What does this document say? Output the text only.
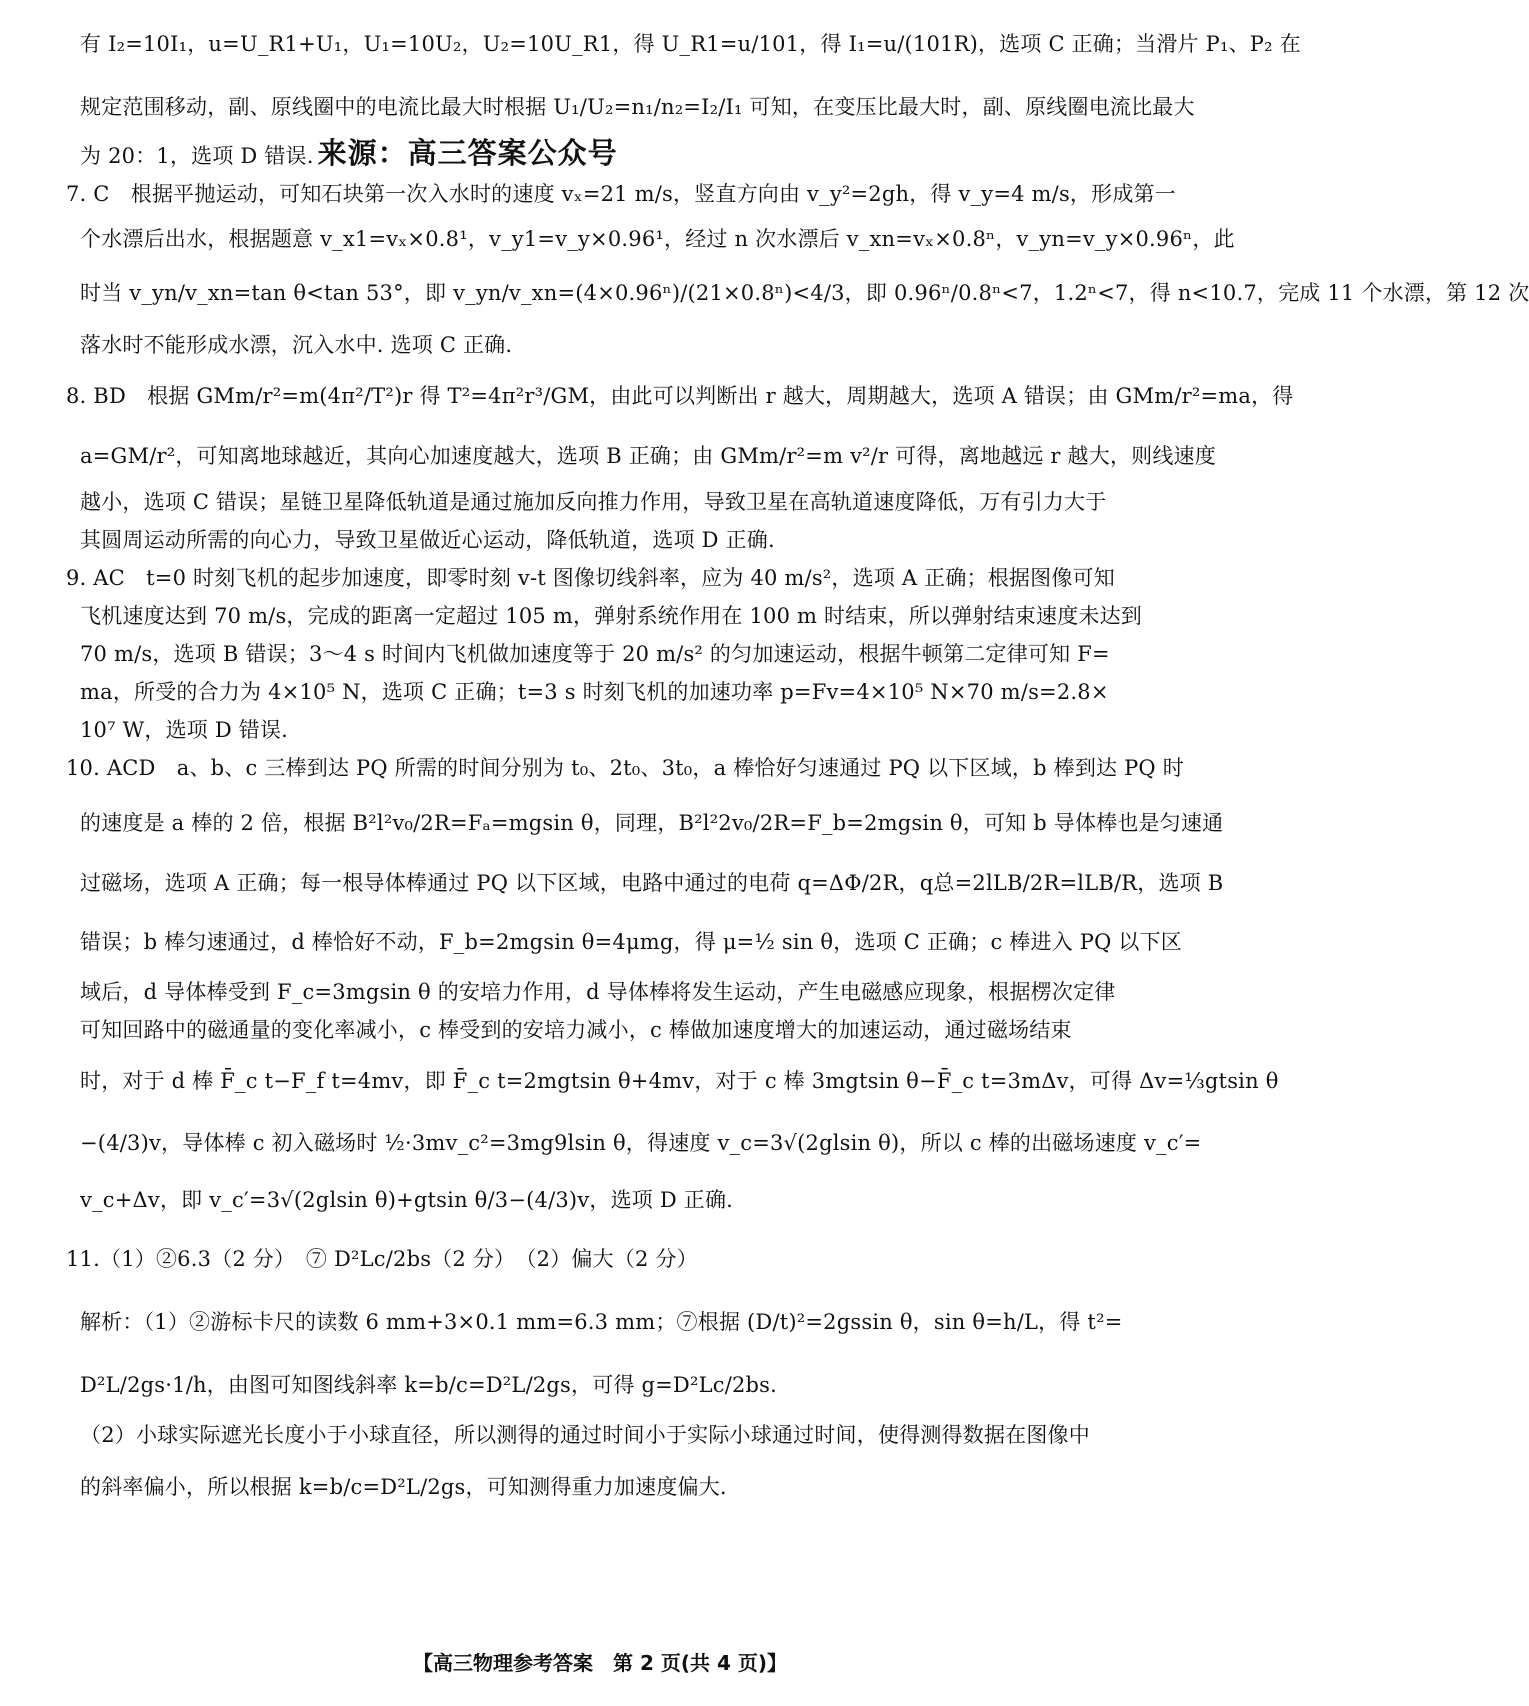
有 I₂=10I₁，u=U_R1+U₁，U₁=10U₂，U₂=10U_R1，得 U_R1=u/101，得 I₁=u/(101R)，选项 C 正确；当滑片 P₁、P₂ 在
规定范围移动，副、原线圈中的电流比最大时根据 U₁/U₂=n₁/n₂=I₂/I₁ 可知，在变压比最大时，副、原线圈电流比最大
为 20：1，选项 D 错误. 来源：高三答案公众号
7. C　根据平抛运动，可知石块第一次入水时的速度 vₓ=21 m/s，竖直方向由 v_y²=2gh，得 v_y=4 m/s，形成第一
个水漂后出水，根据题意 v_x1=vₓ×0.8¹，v_y1=v_y×0.96¹，经过 n 次水漂后 v_xn=vₓ×0.8ⁿ，v_yn=v_y×0.96ⁿ，此
时当 v_yn/v_xn=tan θ<tan 53°，即 v_yn/v_xn=(4×0.96ⁿ)/(21×0.8ⁿ)<4/3，即 0.96ⁿ/0.8ⁿ<7，1.2ⁿ<7，得 n<10.7，完成 11 个水漂，第 12 次
落水时不能形成水漂，沉入水中. 选项 C 正确.
8. BD　根据 GMm/r²=m(4π²/T²)r 得 T²=4π²r³/GM，由此可以判断出 r 越大，周期越大，选项 A 错误；由 GMm/r²=ma，得
a=GM/r²，可知离地球越近，其向心加速度越大，选项 B 正确；由 GMm/r²=m v²/r 可得，离地越远 r 越大，则线速度
越小，选项 C 错误；星链卫星降低轨道是通过施加反向推力作用，导致卫星在高轨道速度降低，万有引力大于
其圆周运动所需的向心力，导致卫星做近心运动，降低轨道，选项 D 正确.
9. AC　t=0 时刻飞机的起步加速度，即零时刻 v-t 图像切线斜率，应为 40 m/s²，选项 A 正确；根据图像可知
飞机速度达到 70 m/s，完成的距离一定超过 105 m，弹射系统作用在 100 m 时结束，所以弹射结束速度未达到
70 m/s，选项 B 错误；3～4 s 时间内飞机做加速度等于 20 m/s² 的匀加速运动，根据牛顿第二定律可知 F=
ma，所受的合力为 4×10⁵ N，选项 C 正确；t=3 s 时刻飞机的加速功率 p=Fv=4×10⁵ N×70 m/s=2.8×
10⁷ W，选项 D 错误.
10. ACD　a、b、c 三棒到达 PQ 所需的时间分别为 t₀、2t₀、3t₀，a 棒恰好匀速通过 PQ 以下区域，b 棒到达 PQ 时
的速度是 a 棒的 2 倍，根据 B²l²v₀/2R=Fₐ=mgsin θ，同理，B²l²2v₀/2R=F_b=2mgsin θ，可知 b 导体棒也是匀速通
过磁场，选项 A 正确；每一根导体棒通过 PQ 以下区域，电路中通过的电荷 q=ΔΦ/2R，q总=2lLB/2R=lLB/R，选项 B
错误；b 棒匀速通过，d 棒恰好不动，F_b=2mgsin θ=4μmg，得 μ=½ sin θ，选项 C 正确；c 棒进入 PQ 以下区
域后，d 导体棒受到 F_c=3mgsin θ 的安培力作用，d 导体棒将发生运动，产生电磁感应现象，根据楞次定律
可知回路中的磁通量的变化率减小，c 棒受到的安培力减小，c 棒做加速度增大的加速运动，通过磁场结束
时，对于 d 棒 F̄_c t−F_f t=4mv，即 F̄_c t=2mgtsin θ+4mv，对于 c 棒 3mgtsin θ−F̄_c t=3mΔv，可得 Δv=⅓gtsin θ
−(4/3)v，导体棒 c 初入磁场时 ½·3mv_c²=3mg9lsin θ，得速度 v_c=3√(2glsin θ)，所以 c 棒的出磁场速度 v_c′=
v_c+Δv，即 v_c′=3√(2glsin θ)+gtsin θ/3−(4/3)v，选项 D 正确.
11.（1）②6.3（2 分）　⑦ D²Lc/2bs（2 分）　（2）偏大（2 分）
解析：（1）②游标卡尺的读数 6 mm+3×0.1 mm=6.3 mm；⑦根据 (D/t)²=2gssin θ，sin θ=h/L，得 t²=
D²L/2gs·1/h，由图可知图线斜率 k=b/c=D²L/2gs，可得 g=D²Lc/2bs.
（2）小球实际遮光长度小于小球直径，所以测得的通过时间小于实际小球通过时间，使得测得数据在图像中
的斜率偏小，所以根据 k=b/c=D²L/2gs，可知测得重力加速度偏大.
【高三物理参考答案　第 2 页(共 4 页)】
